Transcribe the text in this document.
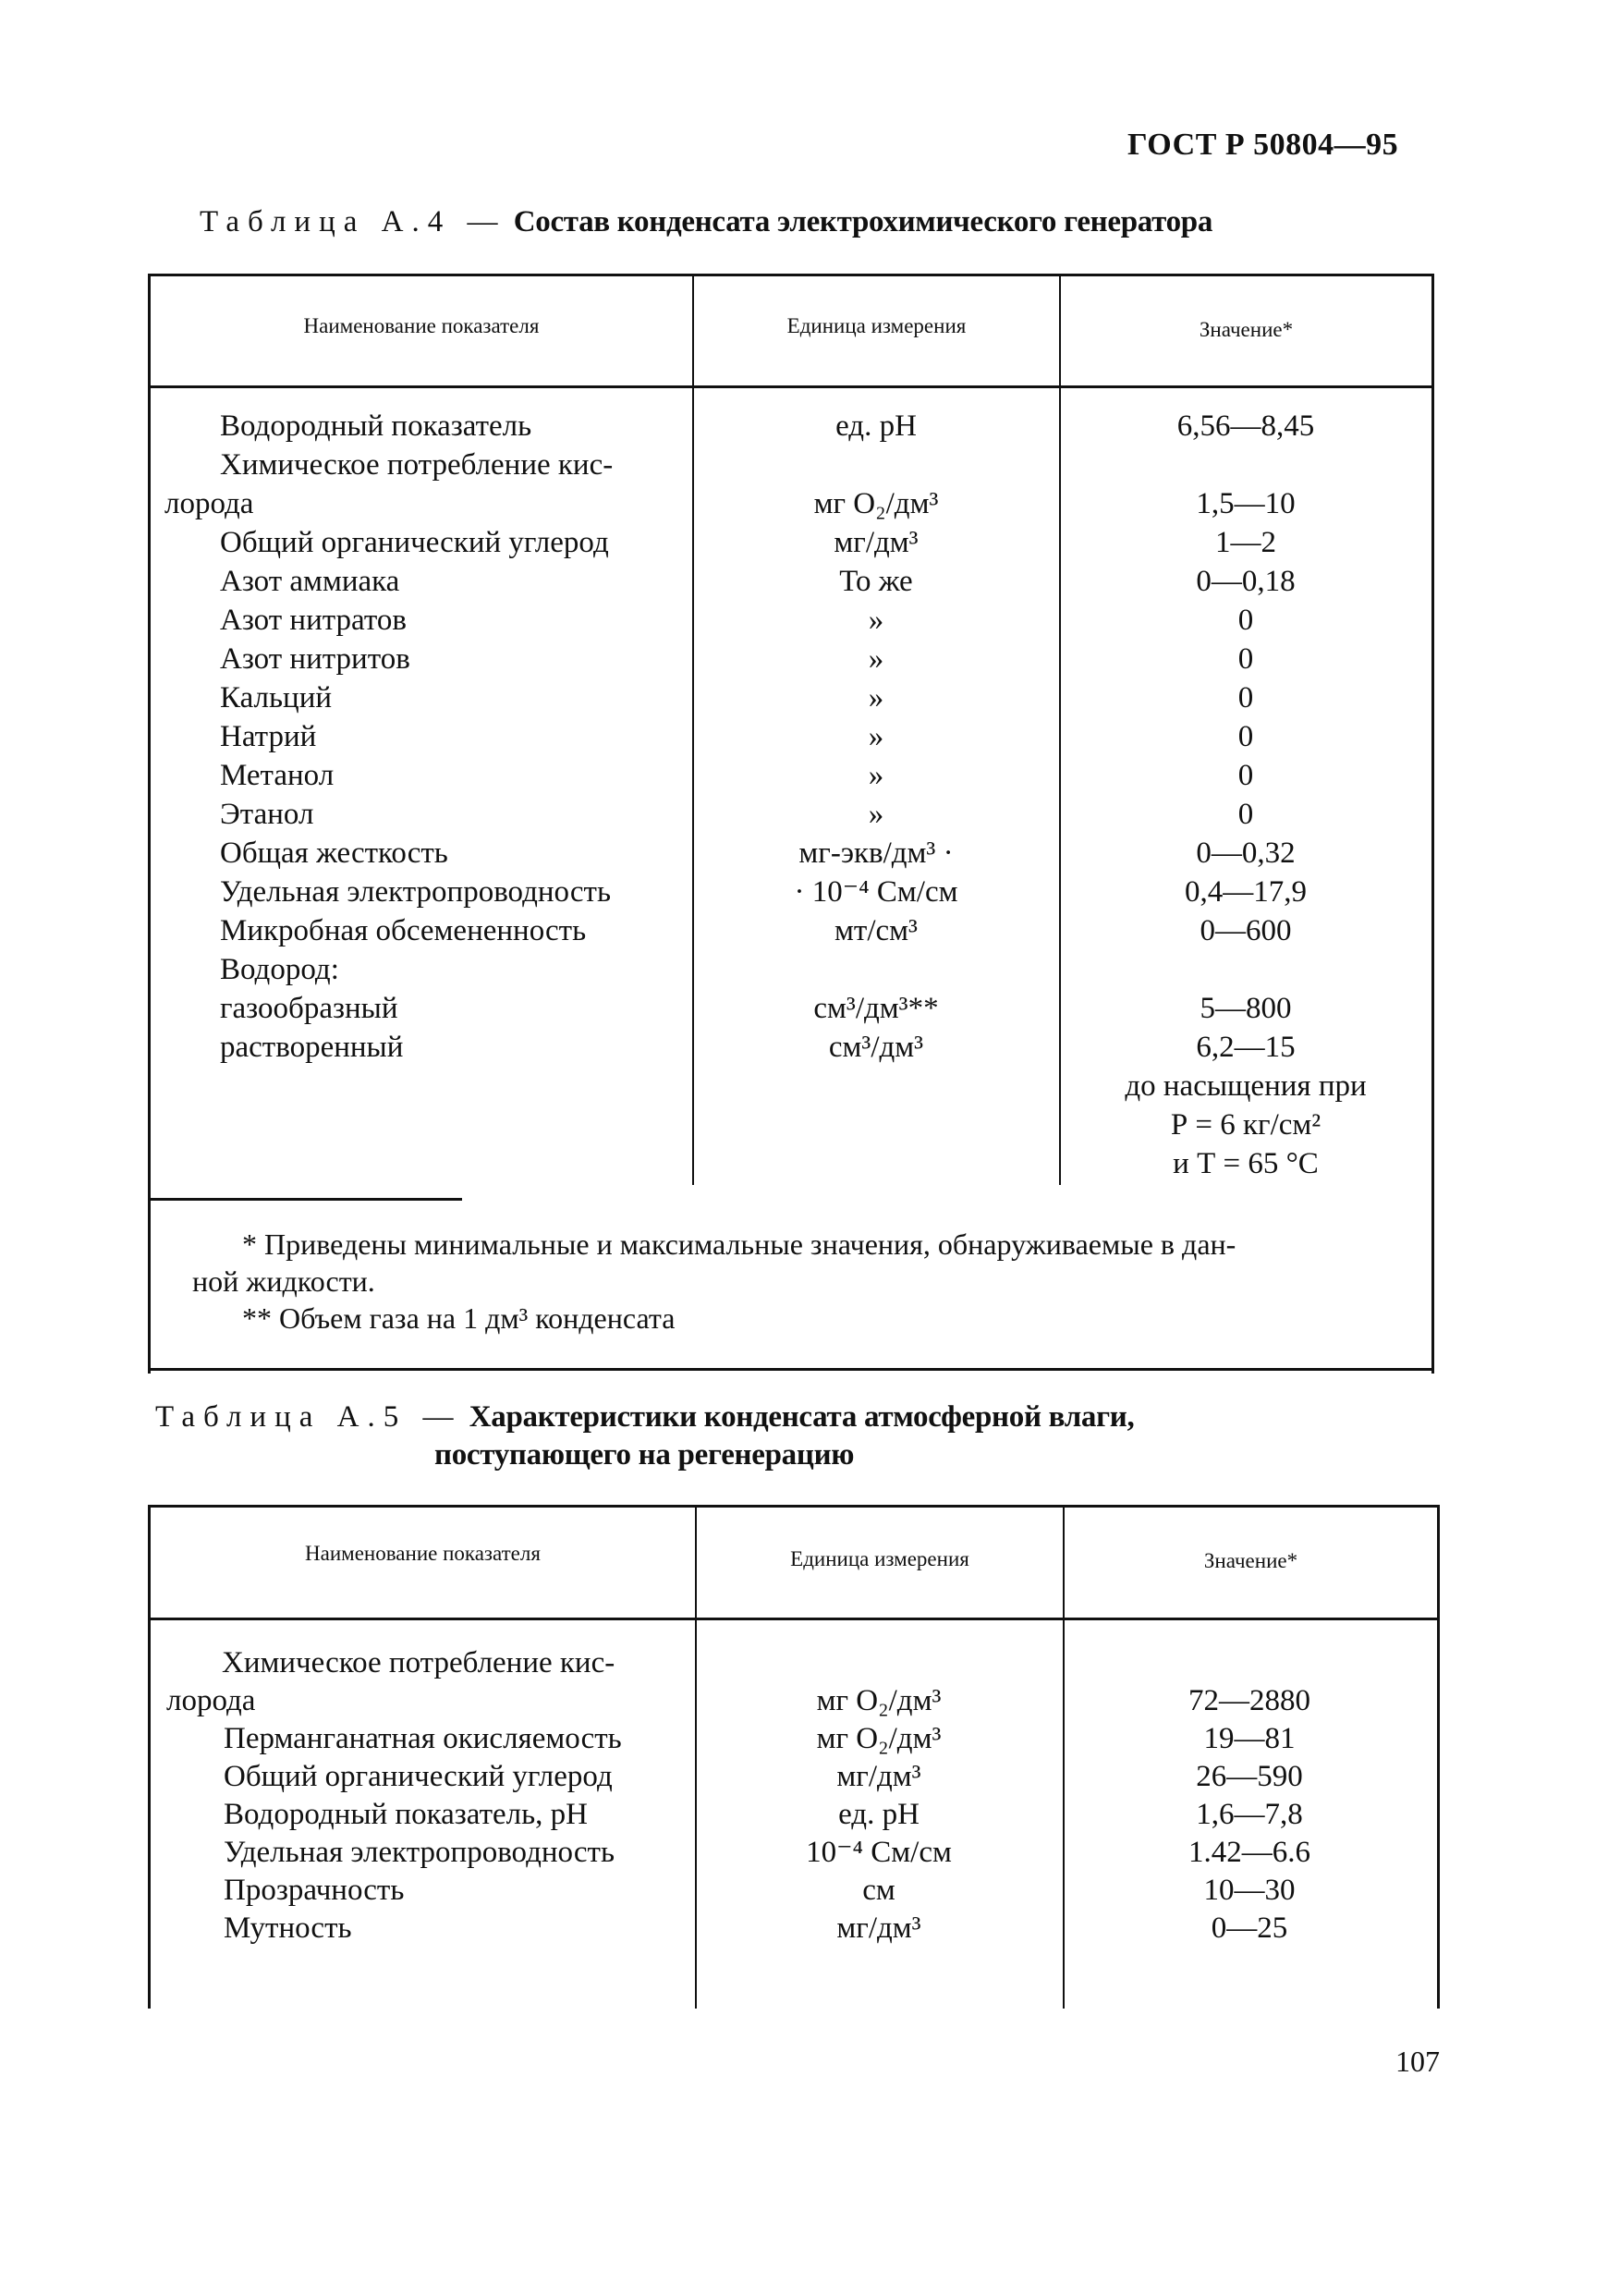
ГОСТ Р 50804—95
Таблица А.4 — Состав конденсата электрохимического генератора
Наименование показателя	Единица измерения	Значение*
Водородный показатель	ед. рН	6,56—8,45
Химическое потребление кис-
лорода	мг О₂/дм³	1,5—10
Общий органический углерод	мг/дм³	1—2
Азот аммиака	То же	0—0,18
Азот нитратов	»	0
Азот нитритов	»	0
Кальций	»	0
Натрий	»	0
Метанол	»	0
Этанол	»	0
Общая жесткость	мг-экв/дм³ ·	0—0,32
Удельная электропроводность	· 10⁻⁴ См/см	0,4—17,9
Микробная обсемененность	мт/см³	0—600
Водород:
газообразный	см³/дм³**	5—800
растворенный	см³/дм³	6,2—15
до насыщения при
Р = 6 кг/см²
и Т = 65 °С
* Приведены минимальные и максимальные значения, обнаруживаемые в дан-
ной жидкости.
** Объем газа на 1 дм³ конденсата
Таблица А.5 — Характеристики конденсата атмосферной влаги,
поступающего на регенерацию
Наименование показателя	Единица измерения	Значение*
Химическое потребление кис-
лорода	мг О₂/дм³	72—2880
Перманганатная окисляемость	мг О₂/дм³	19—81
Общий органический углерод	мг/дм³	26—590
Водородный показатель, рН	ед. рН	1,6—7,8
Удельная электропроводность	10⁻⁴ См/см	1.42—6.6
Прозрачность	см	10—30
Мутность	мг/дм³	0—25
107
